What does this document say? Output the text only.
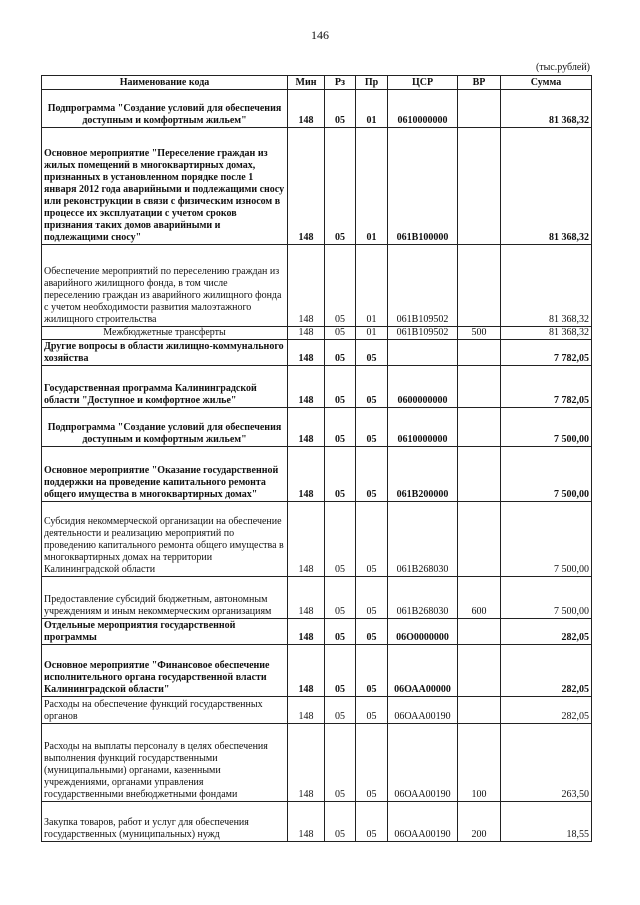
146
(тыс.рублей)
Наименование кода	Мин	Рз	Пр	ЦСР	ВР	Сумма
Подпрограмма "Создание условий для обеспечения доступным и комфортным жильем"	148	05	01	0610000000		81 368,32
Основное мероприятие "Переселение граждан из жилых помещений в многоквартирных домах, признанных в установленном порядке после 1 января 2012 года аварийными и подлежащими сносу или реконструкции в связи с физическим износом в процессе их эксплуатации с учетом сроков признания таких домов аварийными и подлежащими сносу"	148	05	01	061В100000		81 368,32
Обеспечение мероприятий по переселению граждан из аварийного жилищного фонда, в том числе переселению граждан из аварийного жилищного фонда с учетом необходимости развития малоэтажного жилищного строительства	148	05	01	061В109502		81 368,32
Межбюджетные трансферты	148	05	01	061В109502	500	81 368,32
Другие вопросы в области жилищно-коммунального хозяйства	148	05	05			7 782,05
Государственная программа Калининградской области "Доступное и комфортное жилье"	148	05	05	0600000000		7 782,05
Подпрограмма "Создание условий для обеспечения доступным и комфортным жильем"	148	05	05	0610000000		7 500,00
Основное мероприятие "Оказание государственной поддержки на проведение капитального ремонта общего имущества в многоквартирных домах"	148	05	05	061В200000		7 500,00
Субсидия некоммерческой организации на обеспечение деятельности и реализацию мероприятий по проведению капитального ремонта общего имущества в многоквартирных домах на территории Калининградской области	148	05	05	061В268030		7 500,00
Предоставление субсидий бюджетным, автономным учреждениям и иным некоммерческим организациям	148	05	05	061В268030	600	7 500,00
Отдельные мероприятия государственной программы	148	05	05	06О0000000		282,05
Основное мероприятие "Финансовое обеспечение исполнительного органа государственной власти Калининградской области"	148	05	05	06ОАА00000		282,05
Расходы на обеспечение функций государственных органов	148	05	05	06ОАА00190		282,05
Расходы на выплаты персоналу в целях обеспечения выполнения функций государственными (муниципальными) органами, казенными учреждениями, органами управления государственными внебюджетными фондами	148	05	05	06ОАА00190	100	263,50
Закупка товаров, работ и услуг для обеспечения государственных (муниципальных) нужд	148	05	05	06ОАА00190	200	18,55
